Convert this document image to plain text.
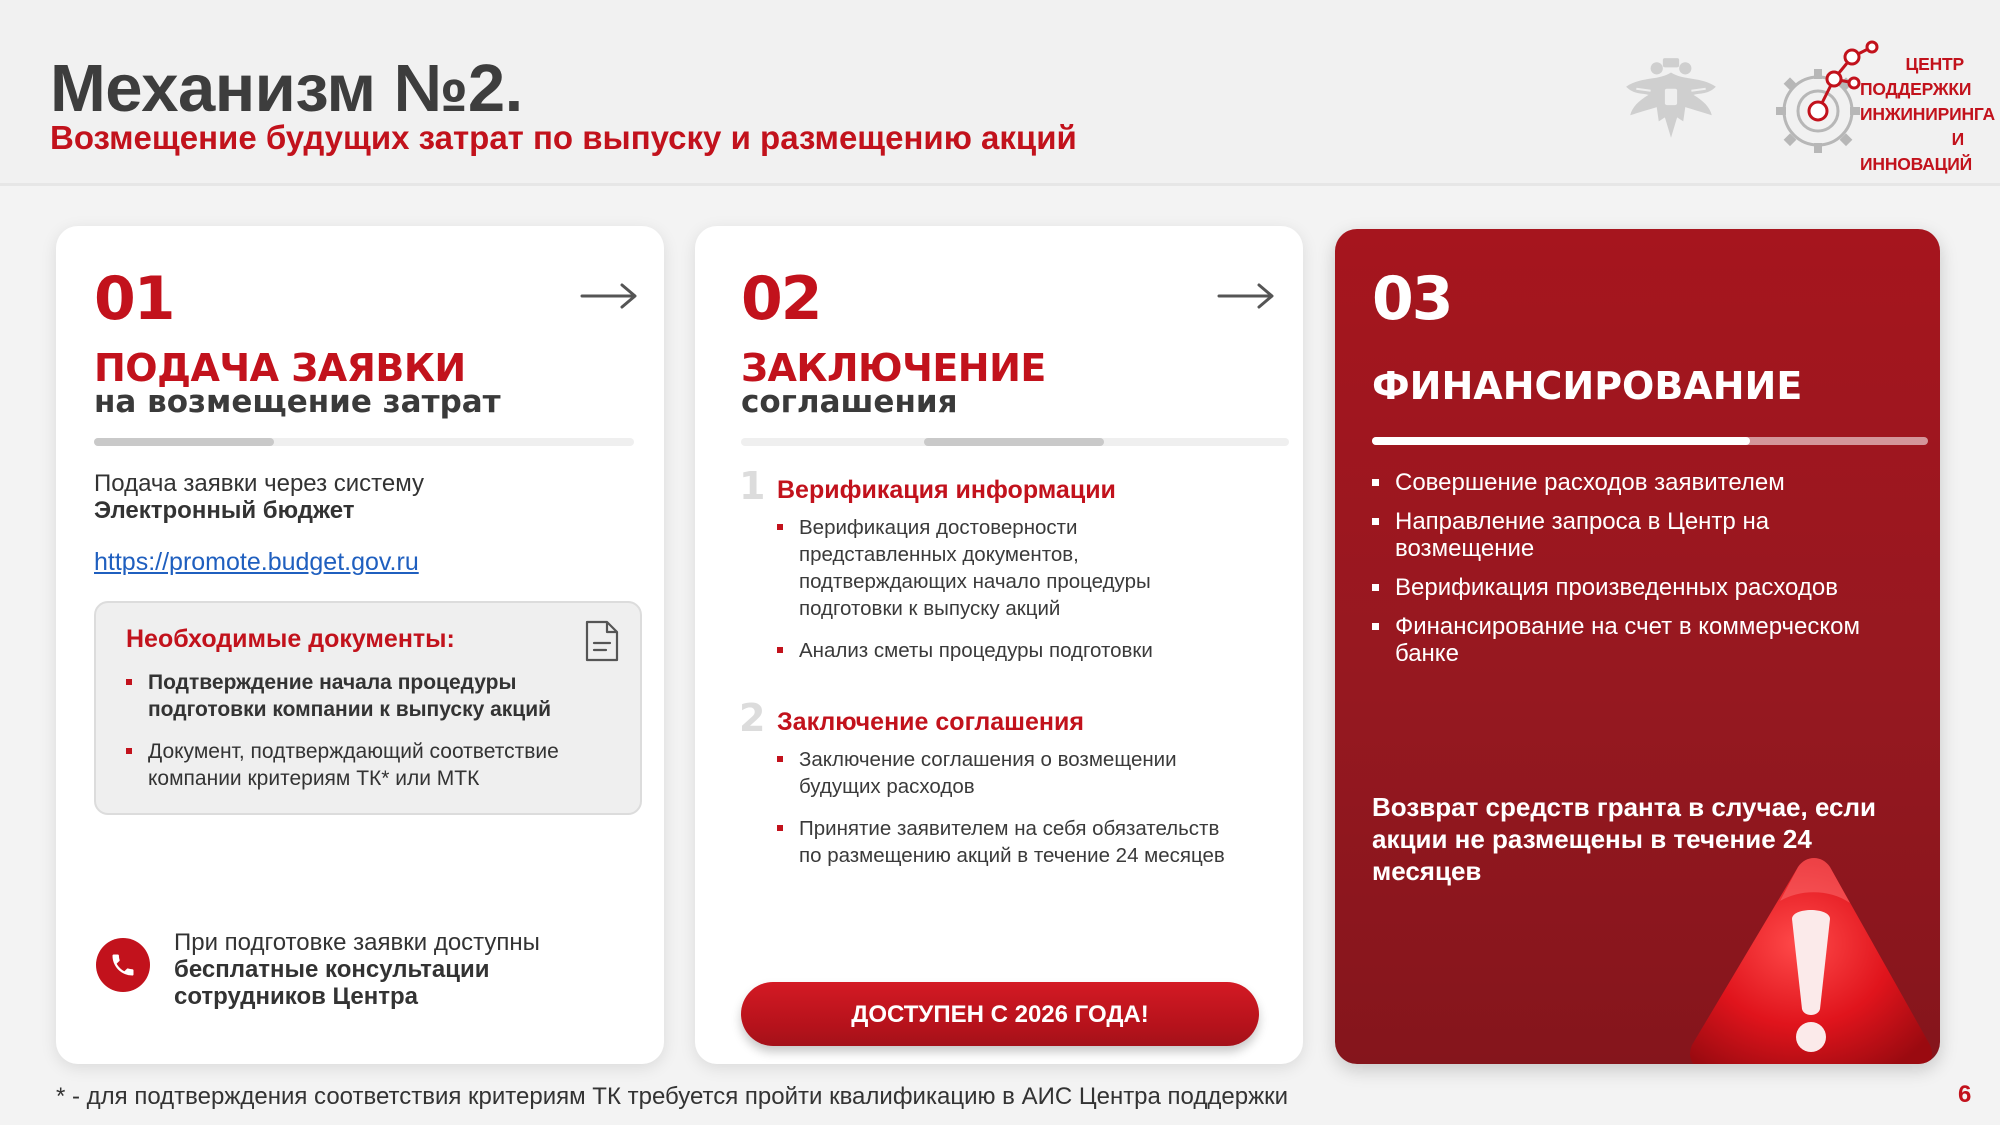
Механизм №2.
Возмещение будущих затрат по выпуску и размещению акций
ЦЕНТР
ПОДДЕРЖКИ
ИНЖИНИРИНГА
И ИННОВАЦИЙ
01
ПОДАЧА ЗАЯВКИ
на возмещение затрат
Подача заявки через систему
Электронный бюджет
https://promote.budget.gov.ru
Необходимые документы:
Подтверждение начала процедуры подготовки компании к выпуску акций
Документ, подтверждающий соответствие компании критериям ТК* или МТК
При подготовке заявки доступны
бесплатные консультации сотрудников Центра
02
ЗАКЛЮЧЕНИЕ
соглашения
1 Верификация информации
Верификация достоверности представленных документов, подтверждающих начало процедуры подготовки к выпуску акций
Анализ сметы процедуры подготовки
2 Заключение соглашения
Заключение соглашения о возмещении будущих расходов
Принятие заявителем на себя обязательств по размещению акций в течение 24 месяцев
ДОСТУПЕН С 2026 ГОДА!
03
ФИНАНСИРОВАНИЕ
Совершение расходов заявителем
Направление запроса в Центр на возмещение
Верификация произведенных расходов
Финансирование на счет в коммерческом банке
Возврат средств гранта в случае, если акции не размещены в течение 24 месяцев
* - для подтверждения соответствия критериям ТК требуется пройти квалификацию в АИС Центра поддержки	6
